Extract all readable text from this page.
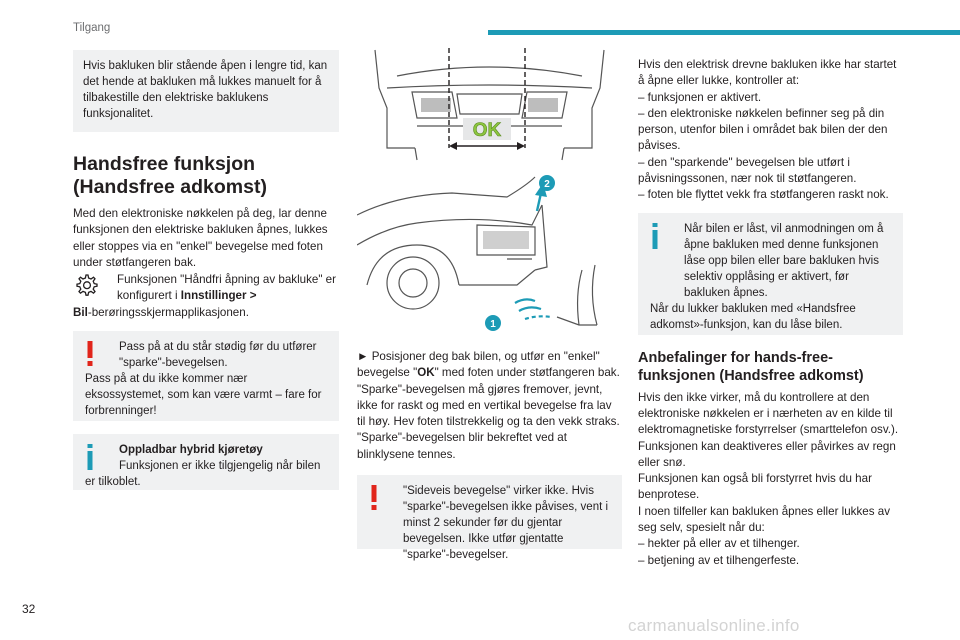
Tilgang
32
carmanualsonline.info
Hvis bakluken blir stående åpen i lengre tid, kan det hende at bakluken må lukkes manuelt for å tilbakestille den elektriske baklukens funksjonalitet.
Handsfree funksjon (Handsfree adkomst)

Med den elektroniske nøkkelen på deg, lar denne funksjonen den elektriske bakluken åpnes, lukkes eller stoppes via en "enkel" bevegelse med foten under støtfangeren bak.

Funksjonen "Håndfri åpning av bakluke" er konfigurert i Innstillinger >

Bil-berøringsskjermapplikasjonen.

Pass på at du står stødig før du utfører "sparke"-bevegelsen.
Pass på at du ikke kommer nær eksossystemet, som kan være varmt – fare for forbrenninger!
Oppladbar hybrid kjøretøy
Funksjonen er ikke tilgjengelig når bilen er tilkoblet.
OK
2
1

► Posisjoner deg bak bilen, og utfør en "enkel" bevegelse "OK" med foten under støtfangeren bak.

"Sparke"-bevegelsen må gjøres fremover, jevnt, ikke for raskt og med en vertikal bevegelse fra lav til høy. Hev foten tilstrekkelig og ta den vekk straks.

"Sparke"-bevegelsen blir bekreftet ved at blinklysene tennes.

"Sideveis bevegelse" virker ikke. Hvis "sparke"-bevegelsen ikke påvises, vent i minst 2 sekunder før du gjentar bevegelsen. Ikke utfør gjentatte "sparke"-bevegelser.

Hvis den elektrisk drevne bakluken ikke har startet å åpne eller lukke, kontroller at:

– funksjonen er aktivert.

– den elektroniske nøkkelen befinner seg på din person, utenfor bilen i området bak bilen der den påvises.

– den "sparkende" bevegelsen ble utført i påvisningssonen, nær nok til støtfangeren.

– foten ble flyttet vekk fra støtfangeren raskt nok.

Når bilen er låst, vil anmodningen om å åpne bakluken med denne funksjonen låse opp bilen eller bare bakluken hvis selektiv opplåsing er aktivert, før bakluken åpnes.
Når du lukker bakluken med «Handsfree adkomst»-funksjon, kan du låse bilen.
Anbefalinger for hands-free-funksjonen (Handsfree adkomst)

Hvis den ikke virker, må du kontrollere at den elektroniske nøkkelen er i nærheten av en kilde til elektromagnetiske forstyrrelser (smarttelefon osv.).

Funksjonen kan deaktiveres eller påvirkes av regn eller snø.

Funksjonen kan også bli forstyrret hvis du har benprotese.

I noen tilfeller kan bakluken åpnes eller lukkes av seg selv, spesielt når du:

– hekter på eller av et tilhenger.

– betjening av et tilhengerfeste.
